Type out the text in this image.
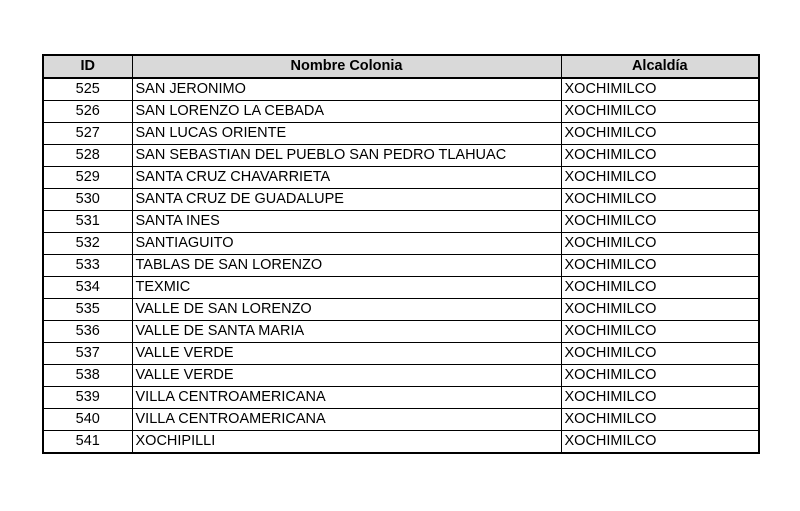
ID	Nombre Colonia	Alcaldía
525	SAN JERONIMO	XOCHIMILCO
526	SAN LORENZO LA CEBADA	XOCHIMILCO
527	SAN LUCAS ORIENTE	XOCHIMILCO
528	SAN SEBASTIAN DEL PUEBLO SAN PEDRO TLAHUAC	XOCHIMILCO
529	SANTA CRUZ CHAVARRIETA	XOCHIMILCO
530	SANTA CRUZ DE GUADALUPE	XOCHIMILCO
531	SANTA INES	XOCHIMILCO
532	SANTIAGUITO	XOCHIMILCO
533	TABLAS DE SAN LORENZO	XOCHIMILCO
534	TEXMIC	XOCHIMILCO
535	VALLE DE SAN LORENZO	XOCHIMILCO
536	VALLE DE SANTA MARIA	XOCHIMILCO
537	VALLE VERDE	XOCHIMILCO
538	VALLE VERDE	XOCHIMILCO
539	VILLA CENTROAMERICANA	XOCHIMILCO
540	VILLA CENTROAMERICANA	XOCHIMILCO
541	XOCHIPILLI	XOCHIMILCO
